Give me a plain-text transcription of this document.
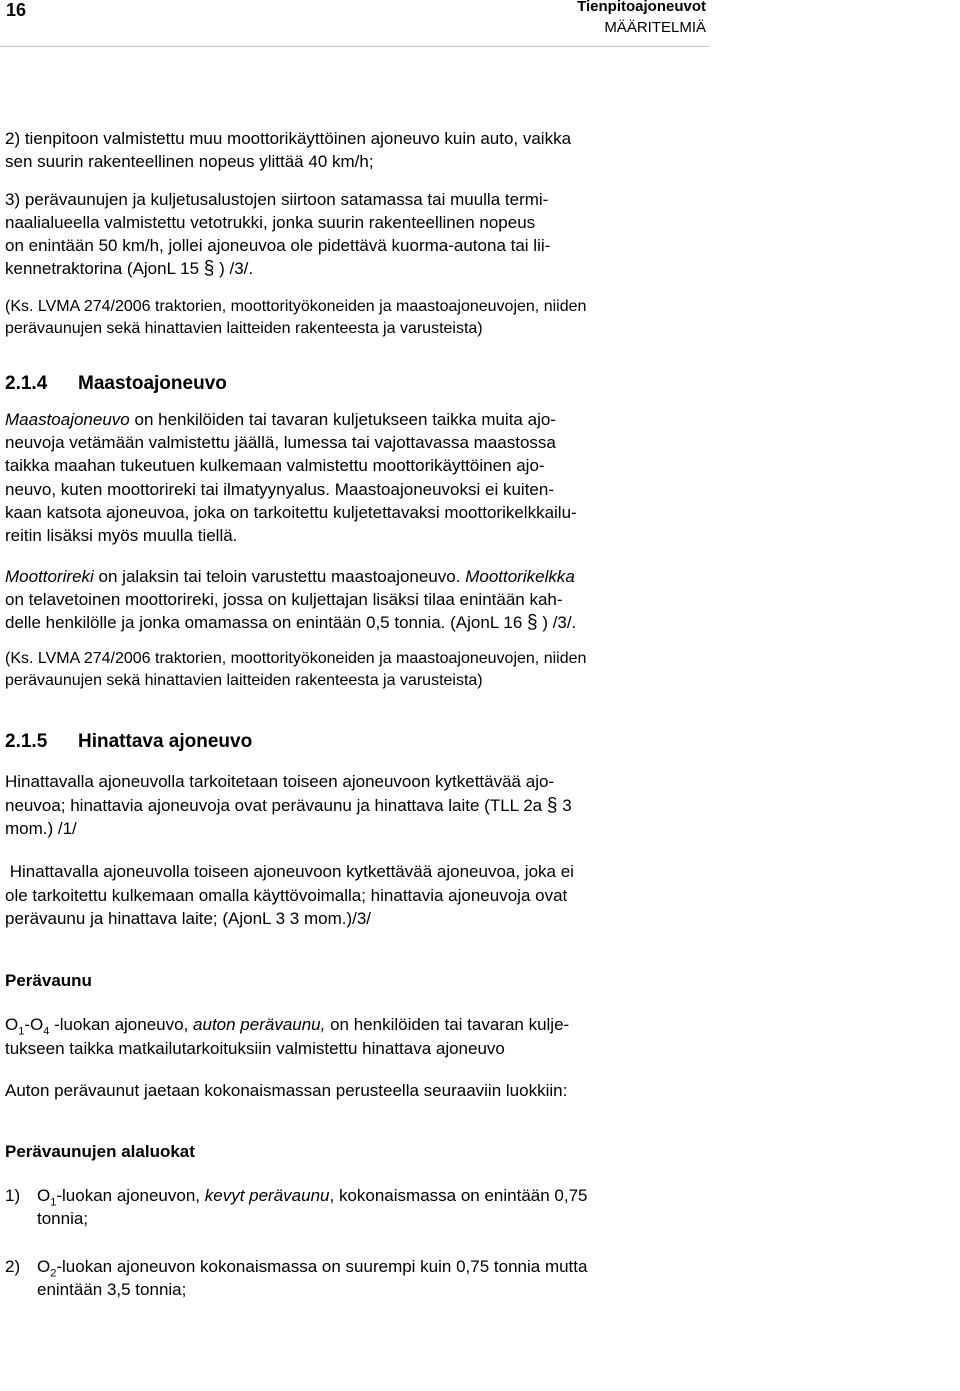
16	Tienpitoajoneuvot
MÄÄRITELMIÄ
2) tienpitoon valmistettu muu moottorikäyttöinen ajoneuvo kuin auto, vaikka
sen suurin rakenteellinen nopeus ylittää 40 km/h;
3) perävaunujen ja kuljetusalustojen siirtoon satamassa tai muulla termi-
naalialueella valmistettu vetotrukki, jonka suurin rakenteellinen nopeus
on enintään 50 km/h, jollei ajoneuvoa ole pidettävä kuorma-autona tai lii-
kennetraktorina (AjonL 15 § ) /3/.
(Ks. LVMA 274/2006 traktorien, moottorityökoneiden ja maastoajoneuvojen, niiden
perävaunujen sekä hinattavien laitteiden rakenteesta ja varusteista)
2.1.4 Maastoajoneuvo
Maastoajoneuvo on henkilöiden tai tavaran kuljetukseen taikka muita ajo-
neuvoja vetämään valmistettu jäällä, lumessa tai vajottavassa maastossa
taikka maahan tukeutuen kulkemaan valmistettu moottorikäyttöinen ajo-
neuvo, kuten moottorireki tai ilmatyynyalus. Maastoajoneuvoksi ei kuiten-
kaan katsota ajoneuvoa, joka on tarkoitettu kuljetettavaksi moottorikelkkailu-
reitin lisäksi myös muulla tiellä.
Moottorireki on jalaksin tai teloin varustettu maastoajoneuvo. Moottorikelkka
on telavetoinen moottorireki, jossa on kuljettajan lisäksi tilaa enintään kah-
delle henkilölle ja jonka omamassa on enintään 0,5 tonnia. (AjonL 16 § ) /3/.
(Ks. LVMA 274/2006 traktorien, moottorityökoneiden ja maastoajoneuvojen, niiden
perävaunujen sekä hinattavien laitteiden rakenteesta ja varusteista)
2.1.5 Hinattava ajoneuvo
Hinattavalla ajoneuvolla tarkoitetaan toiseen ajoneuvoon kytkettävää ajo-
neuvoa; hinattavia ajoneuvoja ovat perävaunu ja hinattava laite (TLL 2a § 3
mom.) /1/
Hinattavalla ajoneuvolla toiseen ajoneuvoon kytkettävää ajoneuvoa, joka ei
ole tarkoitettu kulkemaan omalla käyttövoimalla; hinattavia ajoneuvoja ovat
perävaunu ja hinattava laite; (AjonL 3 3 mom.)/3/
Perävaunu
$O_1-O_4$ -luokan ajoneuvo, auton perävaunu, on henkilöiden tai tavaran kulje-
tukseen taikka matkailutarkoituksiin valmistettu hinattava ajoneuvo
Auton perävaunut jaetaan kokonaismassan perusteella seuraaviin luokkiin:
Perävaunujen alaluokat
1) $O_1$-luokan ajoneuvon, kevyt perävaunu, kokonaismassa on enintään 0,75
tonnia;
2) $O_2$-luokan ajoneuvon kokonaismassa on suurempi kuin 0,75 tonnia mutta
enintään 3,5 tonnia;
